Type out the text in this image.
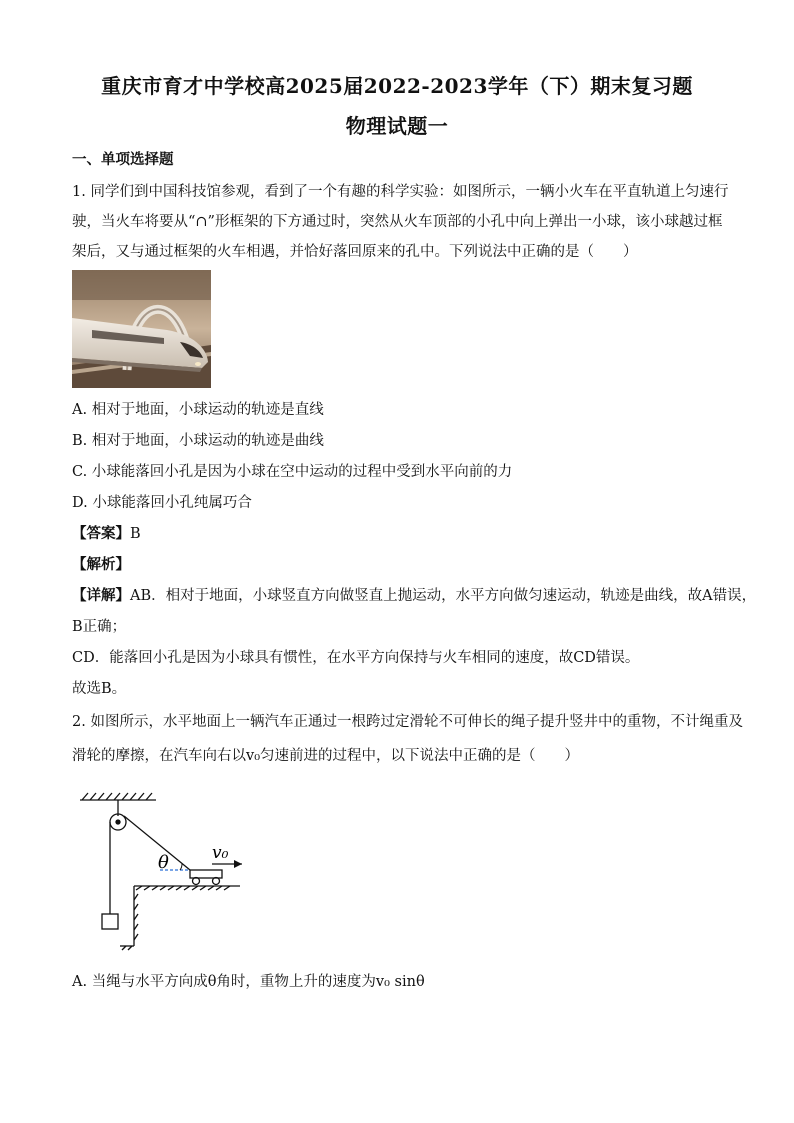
重庆市育才中学校高2025届2022-2023学年（下）期末复习题
物理试题一
一、单项选择题
1. 同学们到中国科技馆参观，看到了一个有趣的科学实验：如图所示，一辆小火车在平直轨道上匀速行
驶，当火车将要从“∩”形框架的下方通过时，突然从火车顶部的小孔中向上弹出一小球，该小球越过框
架后，又与通过框架的火车相遇，并恰好落回原来的孔中。下列说法中正确的是（　　）
A. 相对于地面，小球运动的轨迹是直线
B. 相对于地面，小球运动的轨迹是曲线
C. 小球能落回小孔是因为小球在空中运动的过程中受到水平向前的力
D. 小球能落回小孔纯属巧合
【答案】B
【解析】
【详解】AB．相对于地面，小球竖直方向做竖直上抛运动，水平方向做匀速运动，轨迹是曲线，故A错误，
B正确；
CD．能落回小孔是因为小球具有惯性，在水平方向保持与火车相同的速度，故CD错误。
故选B。
2. 如图所示，水平地面上一辆汽车正通过一根跨过定滑轮不可伸长的绳子提升竖井中的重物，不计绳重及
滑轮的摩擦，在汽车向右以v₀匀速前进的过程中，以下说法中正确的是（　　）
θ	v₀
A. 当绳与水平方向成θ角时，重物上升的速度为v₀ sinθ
